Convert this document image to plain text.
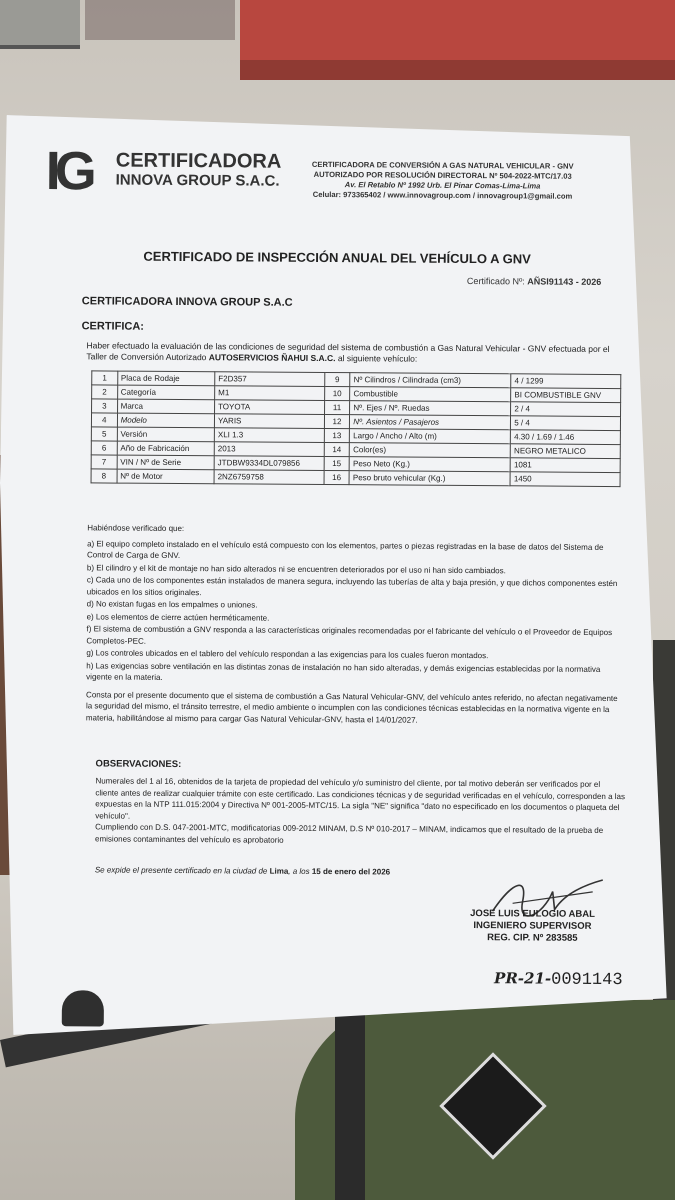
IG CERTIFICADORA
INNOVA GROUP S.A.C.
CERTIFICADORA DE CONVERSIÓN A GAS NATURAL VEHICULAR - GNV
AUTORIZADO POR RESOLUCIÓN DIRECTORAL Nº 504-2022-MTC/17.03
Av. El Retablo Nº 1992 Urb. El Pinar Comas-Lima-Lima
Celular: 973365402 / www.innovagroup.com / innovagroup1@gmail.com
CERTIFICADO DE INSPECCIÓN ANUAL DEL VEHÍCULO A GNV
Certificado Nº: AÑSI91143 - 2026
CERTIFICADORA INNOVA GROUP S.A.C
CERTIFICA:
Haber efectuado la evaluación de las condiciones de seguridad del sistema de combustión a Gas Natural Vehicular - GNV efectuada por el Taller de Conversión Autorizado AUTOSERVICIOS ÑAHUI S.A.C. al siguiente vehículo:
1	Placa de Rodaje	F2D357	9	Nº Cilindros / Cilindrada (cm3)	4 / 1299
2	Categoría	M1	10	Combustible	BI COMBUSTIBLE GNV
3	Marca	TOYOTA	11	Nº. Ejes / Nº. Ruedas	2 / 4
4	Modelo	YARIS	12	Nº. Asientos / Pasajeros	5 / 4
5	Versión	XLI 1.3	13	Largo / Ancho / Alto (m)	4.30 / 1.69 / 1.46
6	Año de Fabricación	2013	14	Color(es)	NEGRO METALICO
7	VIN / Nº de Serie	JTDBW9334DL079856	15	Peso Neto (Kg.)	1081
8	Nº de Motor	2NZ6759758	16	Peso bruto vehicular (Kg.)	1450

Habiéndose verificado que:

a) El equipo completo instalado en el vehículo está compuesto con los elementos, partes o piezas registradas en la base de datos del Sistema de Control de Carga de GNV.

b) El cilindro y el kit de montaje no han sido alterados ni se encuentren deteriorados por el uso ni han sido cambiados.

c) Cada uno de los componentes están instalados de manera segura, incluyendo las tuberías de alta y baja presión, y que dichos componentes estén ubicados en los sitios originales.

d) No existan fugas en los empalmes o uniones.

e) Los elementos de cierre actúen herméticamente.

f) El sistema de combustión a GNV responda a las características originales recomendadas por el fabricante del vehículo o el Proveedor de Equipos Completos-PEC.

g) Los controles ubicados en el tablero del vehículo respondan a las exigencias para los cuales fueron montados.

h) Las exigencias sobre ventilación en las distintas zonas de instalación no han sido alteradas, y demás exigencias establecidas por la normativa vigente en la materia.

Consta por el presente documento que el sistema de combustión a Gas Natural Vehicular-GNV, del vehículo antes referido, no afectan negativamente la seguridad del mismo, el tránsito terrestre, el medio ambiente o incumplen con las condiciones técnicas establecidas en la normativa vigente en la materia, habilitándose al mismo para cargar Gas Natural Vehicular-GNV, hasta el 14/01/2027.

OBSERVACIONES:

Numerales del 1 al 16, obtenidos de la tarjeta de propiedad del vehículo y/o suministro del cliente, por tal motivo deberán ser verificados por el cliente antes de realizar cualquier trámite con este certificado. Las condiciones técnicas y de seguridad verificadas en el vehículo, corresponden a las expuestas en la NTP 111.015:2004 y Directiva Nº 001-2005-MTC/15. La sigla "NE" significa "dato no especificado en los documentos o plaqueta del vehículo".

Cumpliendo con D.S. 047-2001-MTC, modificatorias 009-2012 MINAM, D.S Nº 010-2017 – MINAM, indicamos que el resultado de la prueba de emisiones contaminantes del vehículo es aprobatorio

Se expide el presente certificado en la ciudad de Lima, a los 15 de enero del 2026
JOSE LUIS EULOGIO ABAL
INGENIERO SUPERVISOR
REG. CIP. Nº 283585
PR-21-0091143
